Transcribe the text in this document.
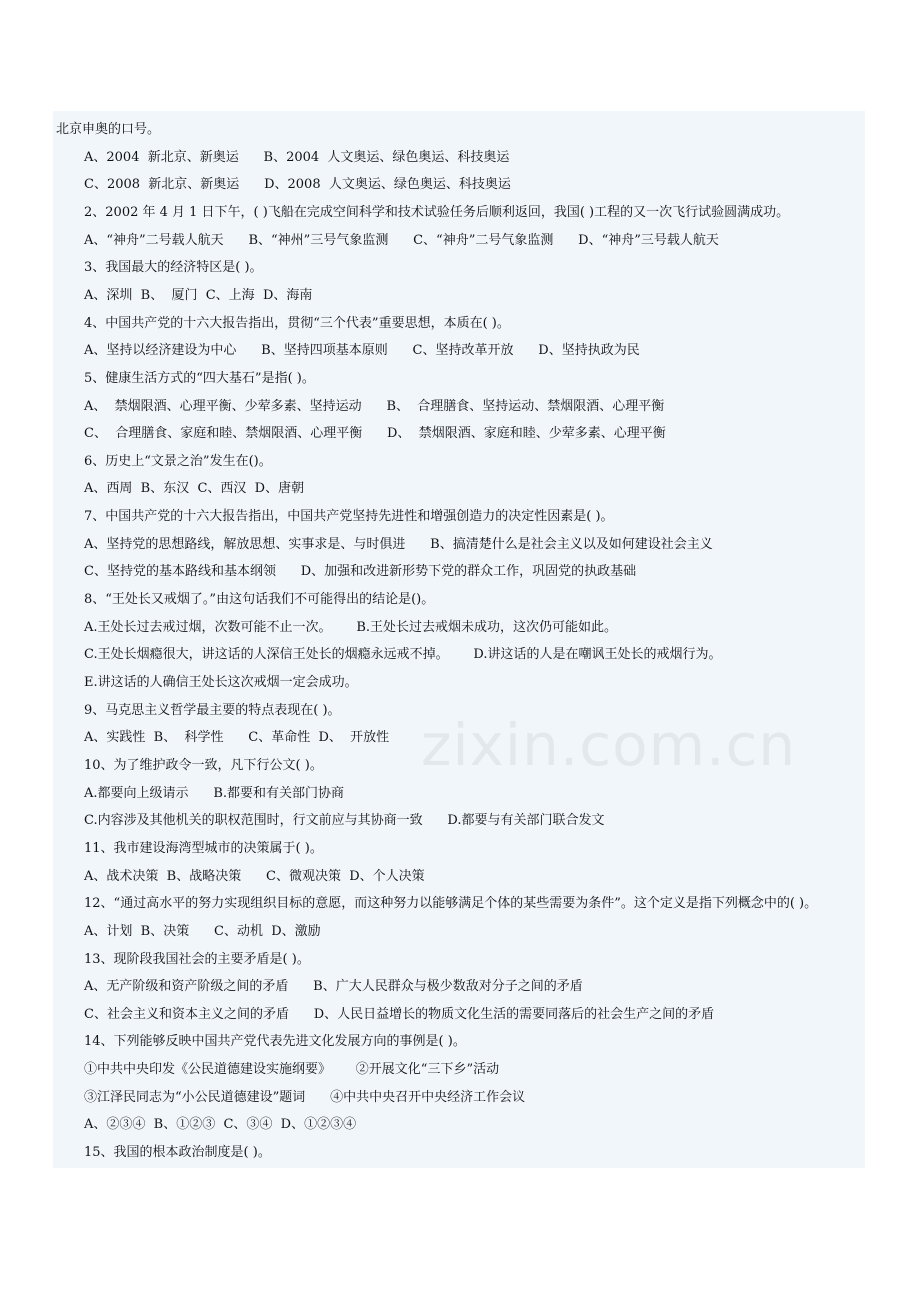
zixin.com.cn
北京申奥的口号。
A、2004  新北京、新奥运      B、2004  人文奥运、绿色奥运、科技奥运
C、2008  新北京、新奥运      D、2008  人文奥运、绿色奥运、科技奥运
2、2002 年 4 月 1 日下午，( )飞船在完成空间科学和技术试验任务后顺利返回，我国( )工程的又一次飞行试验圆满成功。
A、“神舟”二号载人航天      B、“神州”三号气象监测      C、“神舟”二号气象监测      D、“神舟”三号载人航天
3、我国最大的经济特区是( )。
A、深圳  B、  厦门  C、上海  D、海南
4、中国共产党的十六大报告指出，贯彻“三个代表”重要思想，本质在( )。
A、坚持以经济建设为中心      B、坚持四项基本原则      C、坚持改革开放      D、坚持执政为民
5、健康生活方式的“四大基石”是指( )。
A、  禁烟限酒、心理平衡、少荤多素、坚持运动      B、  合理膳食、坚持运动、禁烟限酒、心理平衡
C、  合理膳食、家庭和睦、禁烟限酒、心理平衡      D、  禁烟限酒、家庭和睦、少荤多素、心理平衡
6、历史上“文景之治”发生在()。
A、西周  B、东汉  C、西汉  D、唐朝
7、中国共产党的十六大报告指出，中国共产党坚持先进性和增强创造力的决定性因素是( )。
A、坚持党的思想路线，解放思想、实事求是、与时俱进      B、搞清楚什么是社会主义以及如何建设社会主义
C、坚持党的基本路线和基本纲领      D、加强和改进新形势下党的群众工作，巩固党的执政基础
8、“王处长又戒烟了。”由这句话我们不可能得出的结论是()。
A.王处长过去戒过烟，次数可能不止一次。      B.王处长过去戒烟未成功，这次仍可能如此。
C.王处长烟瘾很大，讲这话的人深信王处长的烟瘾永远戒不掉。      D.讲这话的人是在嘲讽王处长的戒烟行为。
E.讲这话的人确信王处长这次戒烟一定会成功。
9、马克思主义哲学最主要的特点表现在( )。
A、实践性  B、  科学性      C、革命性  D、  开放性
10、为了维护政令一致，凡下行公文( )。
A.都要向上级请示      B.都要和有关部门协商
C.内容涉及其他机关的职权范围时，行文前应与其协商一致      D.都要与有关部门联合发文
11、我市建设海湾型城市的决策属于( )。
A、战术决策  B、战略决策      C、微观决策  D、个人决策
12、“通过高水平的努力实现组织目标的意愿，而这种努力以能够满足个体的某些需要为条件”。这个定义是指下列概念中的( )。
A、计划  B、决策      C、动机  D、激励
13、现阶段我国社会的主要矛盾是( )。
A、无产阶级和资产阶级之间的矛盾      B、广大人民群众与极少数敌对分子之间的矛盾
C、社会主义和资本主义之间的矛盾      D、人民日益增长的物质文化生活的需要同落后的社会生产之间的矛盾
14、下列能够反映中国共产党代表先进文化发展方向的事例是( )。
①中共中央印发《公民道德建设实施纲要》      ②开展文化“三下乡”活动
③江泽民同志为“小公民道德建设”题词      ④中共中央召开中央经济工作会议
A、②③④  B、①②③  C、③④  D、①②③④
15、我国的根本政治制度是( )。
